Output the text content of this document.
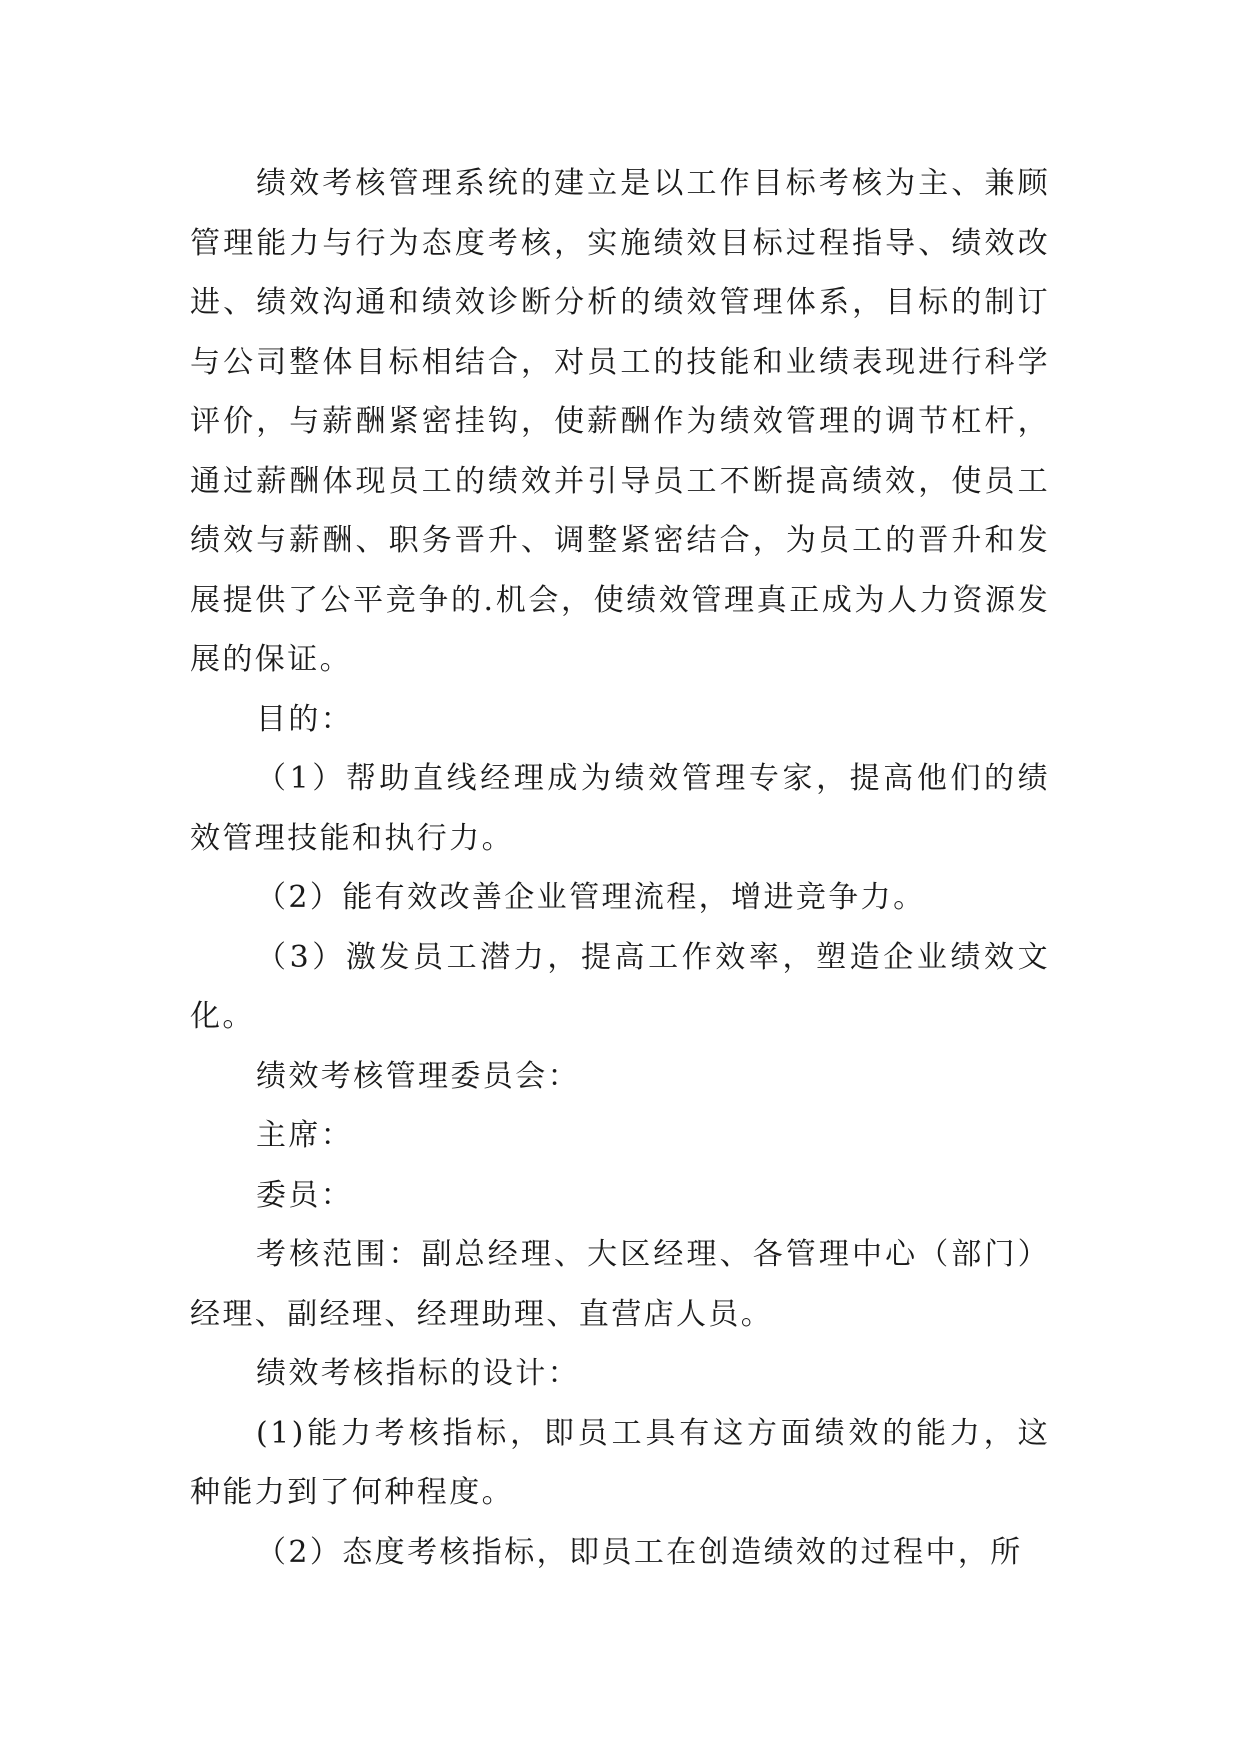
绩效考核管理系统的建立是以工作目标考核为主、兼顾管理能力与行为态度考核，实施绩效目标过程指导、绩效改进、绩效沟通和绩效诊断分析的绩效管理体系，目标的制订与公司整体目标相结合，对员工的技能和业绩表现进行科学评价，与薪酬紧密挂钩，使薪酬作为绩效管理的调节杠杆，通过薪酬体现员工的绩效并引导员工不断提高绩效，使员工绩效与薪酬、职务晋升、调整紧密结合，为员工的晋升和发展提供了公平竞争的.机会，使绩效管理真正成为人力资源发展的保证。

目的：

（1）帮助直线经理成为绩效管理专家，提高他们的绩效管理技能和执行力。

（2）能有效改善企业管理流程，增进竞争力。

（3）激发员工潜力，提高工作效率，塑造企业绩效文化。

绩效考核管理委员会：

主席：

委员：

考核范围：副总经理、大区经理、各管理中心（部门）经理、副经理、经理助理、直营店人员。

绩效考核指标的设计：

(1)能力考核指标，即员工具有这方面绩效的能力，这种能力到了何种程度。

（2）态度考核指标，即员工在创造绩效的过程中，所
